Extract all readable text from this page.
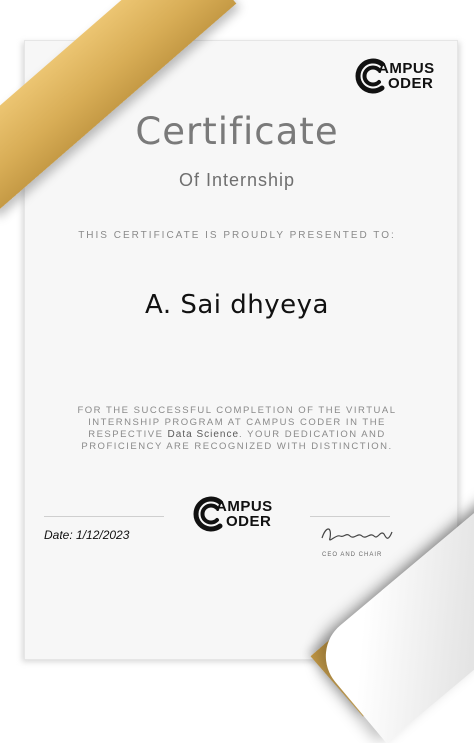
AMPUS
ODER
Certificate
Of Internship
THIS CERTIFICATE IS PROUDLY PRESENTED TO:
A. Sai dhyeya
FOR THE SUCCESSFUL COMPLETION OF THE VIRTUAL INTERNSHIP PROGRAM AT CAMPUS CODER IN THE RESPECTIVE Data Science. YOUR DEDICATION AND PROFICIENCY ARE RECOGNIZED WITH DISTINCTION.
Date: 1/12/2023
AMPUS
ODER
CEO AND CHAIR
